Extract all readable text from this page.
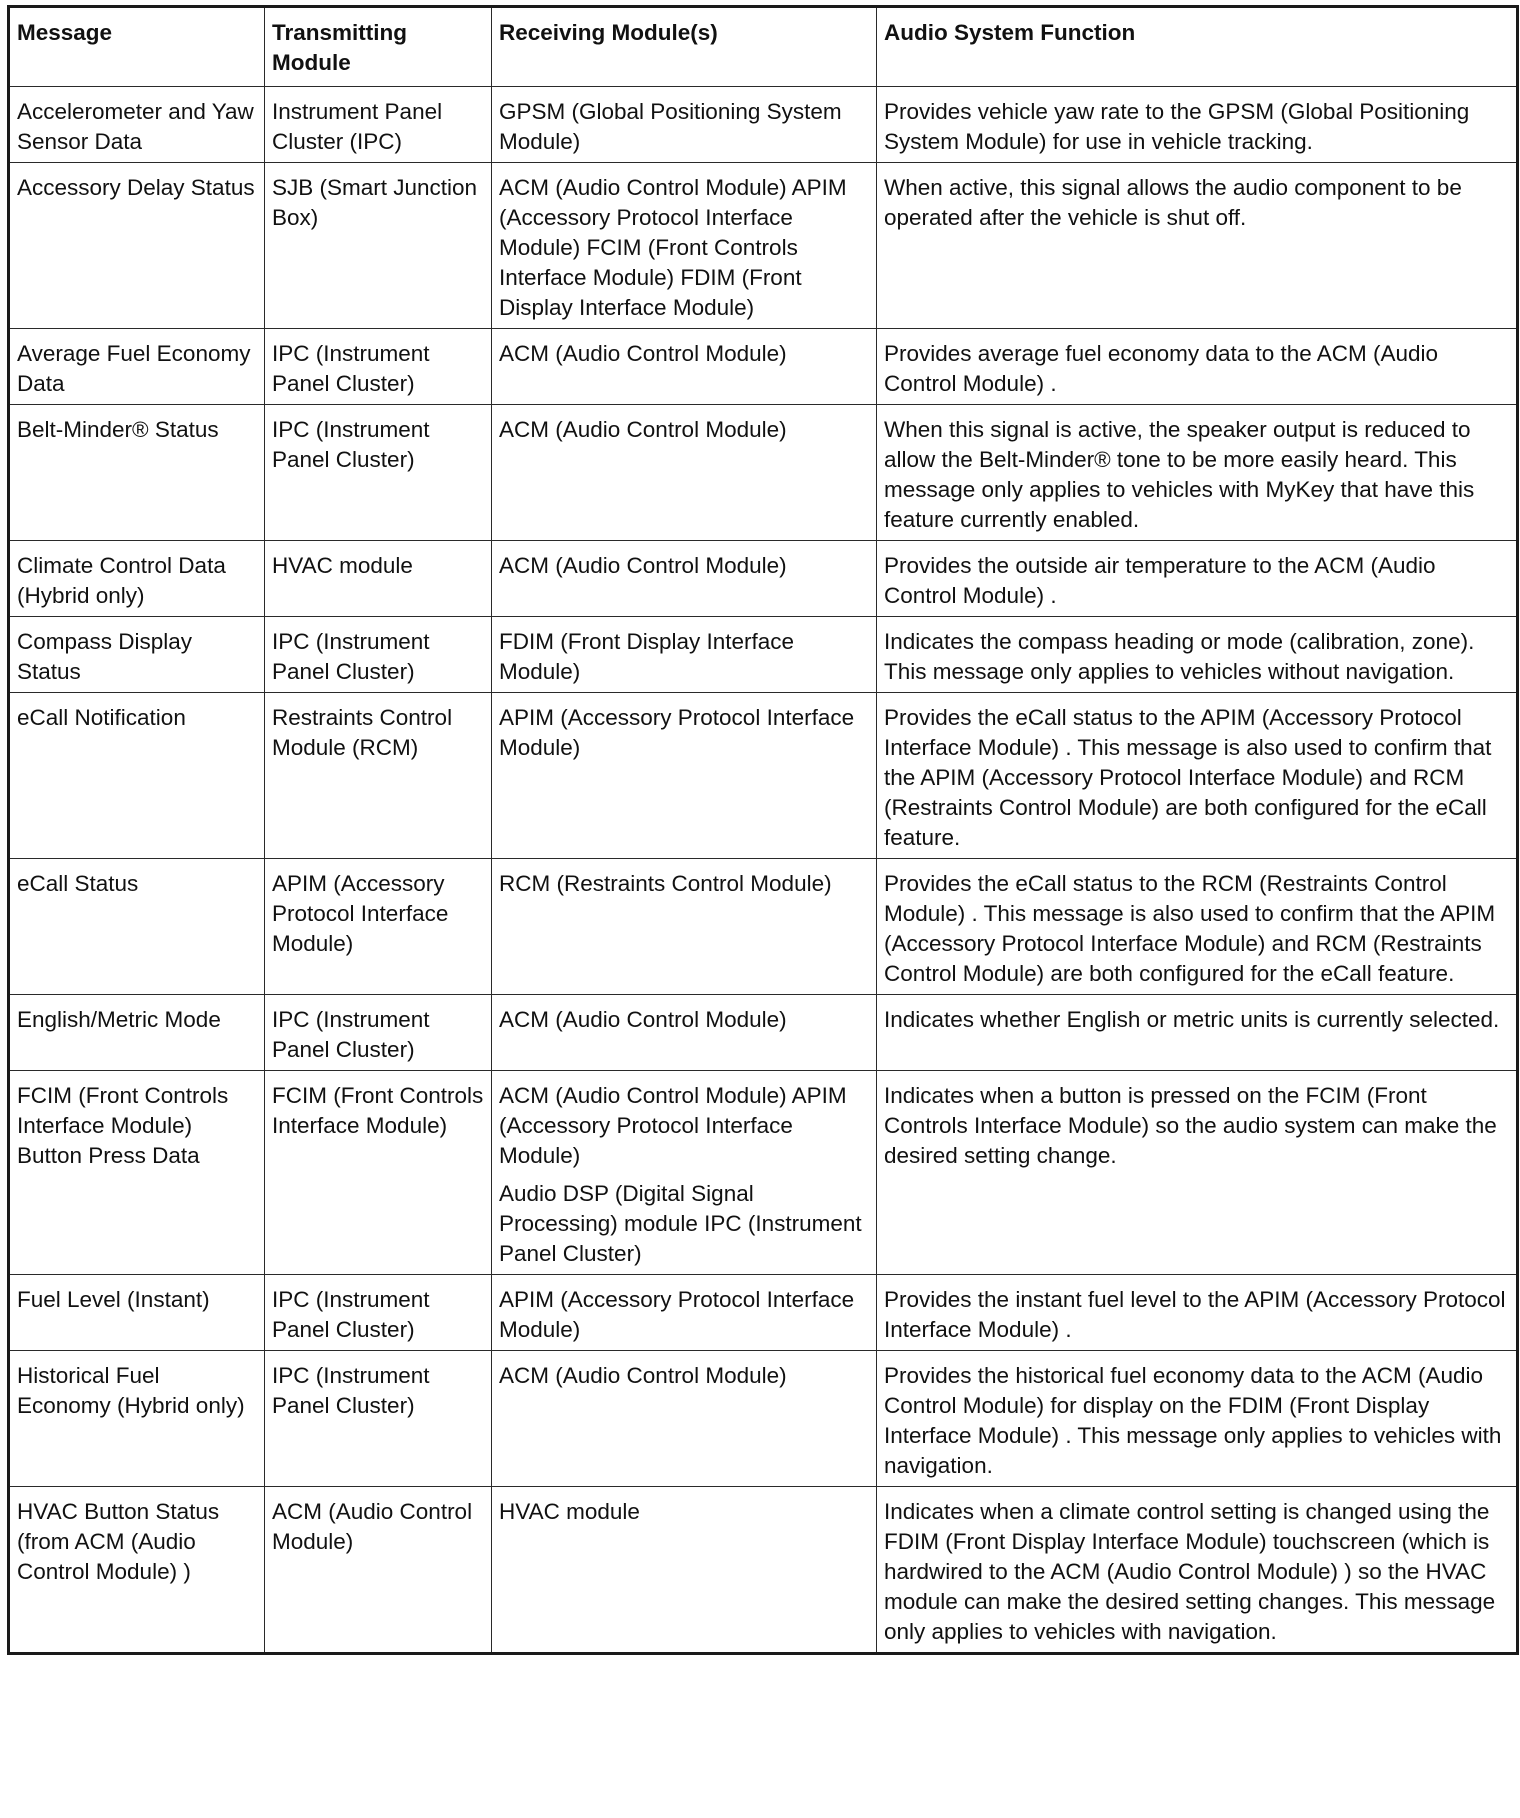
Message	Transmitting Module	Receiving Module(s)	Audio System Function

Accelerometer and Yaw Sensor Data	Instrument Panel Cluster (IPC)	GPSM (Global Positioning System Module)	Provides vehicle yaw rate to the GPSM (Global Positioning System Module) for use in vehicle tracking.

Accessory Delay Status	SJB (Smart Junction Box)	ACM (Audio Control Module) APIM (Accessory Protocol Interface Module) FCIM (Front Controls Interface Module) FDIM (Front Display Interface Module)	When active, this signal allows the audio component to be operated after the vehicle is shut off.

Average Fuel Economy Data	IPC (Instrument Panel Cluster)	ACM (Audio Control Module)	Provides average fuel economy data to the ACM (Audio Control Module) .

Belt-Minder® Status	IPC (Instrument Panel Cluster)	ACM (Audio Control Module)	When this signal is active, the speaker output is reduced to allow the Belt-Minder® tone to be more easily heard. This message only applies to vehicles with MyKey that have this feature currently enabled.

Climate Control Data (Hybrid only)	HVAC module	ACM (Audio Control Module)	Provides the outside air temperature to the ACM (Audio Control Module) .

Compass Display Status	IPC (Instrument Panel Cluster)	FDIM (Front Display Interface Module)	Indicates the compass heading or mode (calibration, zone). This message only applies to vehicles without navigation.

eCall Notification	Restraints Control Module (RCM)	APIM (Accessory Protocol Interface Module)	Provides the eCall status to the APIM (Accessory Protocol Interface Module) . This message is also used to confirm that the APIM (Accessory Protocol Interface Module) and RCM (Restraints Control Module) are both configured for the eCall feature.

eCall Status	APIM (Accessory Protocol Interface Module)	RCM (Restraints Control Module)	Provides the eCall status to the RCM (Restraints Control Module) . This message is also used to confirm that the APIM (Accessory Protocol Interface Module) and RCM (Restraints Control Module) are both configured for the eCall feature.

English/Metric Mode	IPC (Instrument Panel Cluster)	ACM (Audio Control Module)	Indicates whether English or metric units is currently selected.

FCIM (Front Controls Interface Module) Button Press Data	FCIM (Front Controls Interface Module)	ACM (Audio Control Module) APIM (Accessory Protocol Interface Module)
Audio DSP (Digital Signal Processing) module IPC (Instrument Panel Cluster)	Indicates when a button is pressed on the FCIM (Front Controls Interface Module) so the audio system can make the desired setting change.

Fuel Level (Instant)	IPC (Instrument Panel Cluster)	APIM (Accessory Protocol Interface Module)	Provides the instant fuel level to the APIM (Accessory Protocol Interface Module) .

Historical Fuel Economy (Hybrid only)	IPC (Instrument Panel Cluster)	ACM (Audio Control Module)	Provides the historical fuel economy data to the ACM (Audio Control Module) for display on the FDIM (Front Display Interface Module) . This message only applies to vehicles with navigation.

HVAC Button Status (from ACM (Audio Control Module) )	ACM (Audio Control Module)	HVAC module	Indicates when a climate control setting is changed using the FDIM (Front Display Interface Module) touchscreen (which is hardwired to the ACM (Audio Control Module) ) so the HVAC module can make the desired setting changes. This message only applies to vehicles with navigation.
